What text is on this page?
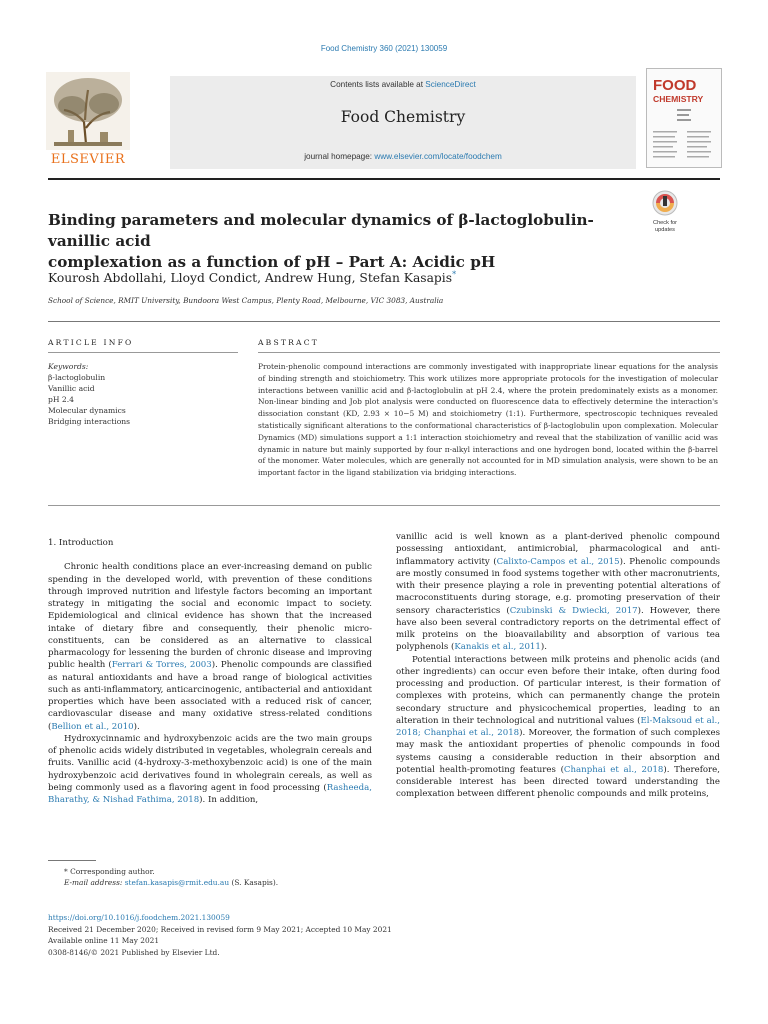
Food Chemistry 360 (2021) 130059
Contents lists available at ScienceDirect
Food Chemistry
journal homepage: www.elsevier.com/locate/foodchem
ELSEVIER
FOOD
CHEMISTRY
Binding parameters and molecular dynamics of β-lactoglobulin-vanillic acid
complexation as a function of pH – Part A: Acidic pH
Check for updates
Kourosh Abdollahi, Lloyd Condict, Andrew Hung, Stefan Kasapis*
School of Science, RMIT University, Bundoora West Campus, Plenty Road, Melbourne, VIC 3083, Australia
ARTICLE INFO	ABSTRACT
Keywords:
β-lactoglobulin
Vanillic acid
pH 2.4
Molecular dynamics
Bridging interactions
Protein-phenolic compound interactions are commonly investigated with inappropriate linear equations for the analysis of binding strength and stoichiometry. This work utilizes more appropriate protocols for the investigation of molecular interactions between vanillic acid and β-lactoglobulin at pH 2.4, where the protein predominately exists as a monomer. Non-linear binding and Job plot analysis were conducted on fluorescence data to effectively determine the interaction's dissociation constant (KD, 2.93 × 10−5 M) and stoichiometry (1:1). Furthermore, spectroscopic techniques revealed statistically significant alterations to the conformational characteristics of β-lactoglobulin upon complexation. Molecular Dynamics (MD) simulations support a 1:1 interaction stoichiometry and reveal that the stabilization of vanillic acid was dynamic in nature but mainly supported by four π-alkyl interactions and one hydrogen bond, located within the β-barrel of the monomer. Water molecules, which are generally not accounted for in MD simulation analysis, were shown to be an important factor in the ligand stabilization via bridging interactions.
1. Introduction

Chronic health conditions place an ever-increasing demand on public spending in the developed world, with prevention of these conditions through improved nutrition and lifestyle factors becoming an important strategy in mitigating the social and economic impact to society. Epidemiological and clinical evidence has shown that the increased intake of dietary fibre and consequently, their phenolic micro-constituents, can be considered as an alternative to classical pharmacology for lessening the burden of chronic disease and improving public health (Ferrari & Torres, 2003). Phenolic compounds are classified as natural antioxidants and have a broad range of biological activities such as anti-inflammatory, anticarcinogenic, antibacterial and antioxidant properties which have been associated with a reduced risk of cancer, cardiovascular disease and many oxidative stress-related conditions (Bellion et al., 2010).

Hydroxycinnamic and hydroxybenzoic acids are the two main groups of phenolic acids widely distributed in vegetables, wholegrain cereals and fruits. Vanillic acid (4-hydroxy-3-methoxybenzoic acid) is one of the main hydroxybenzoic acid derivatives found in wholegrain cereals, as well as being commonly used as a flavoring agent in food processing (Rasheeda, Bharathy, & Nishad Fathima, 2018). In addition,

vanillic acid is well known as a plant-derived phenolic compound possessing antioxidant, antimicrobial, pharmacological and anti-inflammatory activity (Calixto-Campos et al., 2015). Phenolic compounds are mostly consumed in food systems together with other macronutrients, with their presence playing a role in preventing potential alterations of macroconstituents during storage, e.g. promoting preservation of their sensory characteristics (Czubinski & Dwiecki, 2017). However, there have also been several contradictory reports on the detrimental effect of milk proteins on the bioavailability and absorption of various tea polyphenols (Kanakis et al., 2011).

Potential interactions between milk proteins and phenolic acids (and other ingredients) can occur even before their intake, often during food processing and production. Of particular interest, is their formation of complexes with proteins, which can permanently change the protein secondary structure and physicochemical properties, leading to an alteration in their technological and nutritional values (El-Maksoud et al., 2018; Chanphai et al., 2018). Moreover, the formation of such complexes may mask the antioxidant properties of phenolic compounds in food systems causing a considerable reduction in their absorption and potential health-promoting features (Chanphai et al., 2018). Therefore, considerable interest has been directed toward understanding the complexation between different phenolic compounds and milk proteins,

* Corresponding author.
E-mail address: stefan.kasapis@rmit.edu.au (S. Kasapis).
https://doi.org/10.1016/j.foodchem.2021.130059
Received 21 December 2020; Received in revised form 9 May 2021; Accepted 10 May 2021
Available online 11 May 2021
0308-8146/© 2021 Published by Elsevier Ltd.
